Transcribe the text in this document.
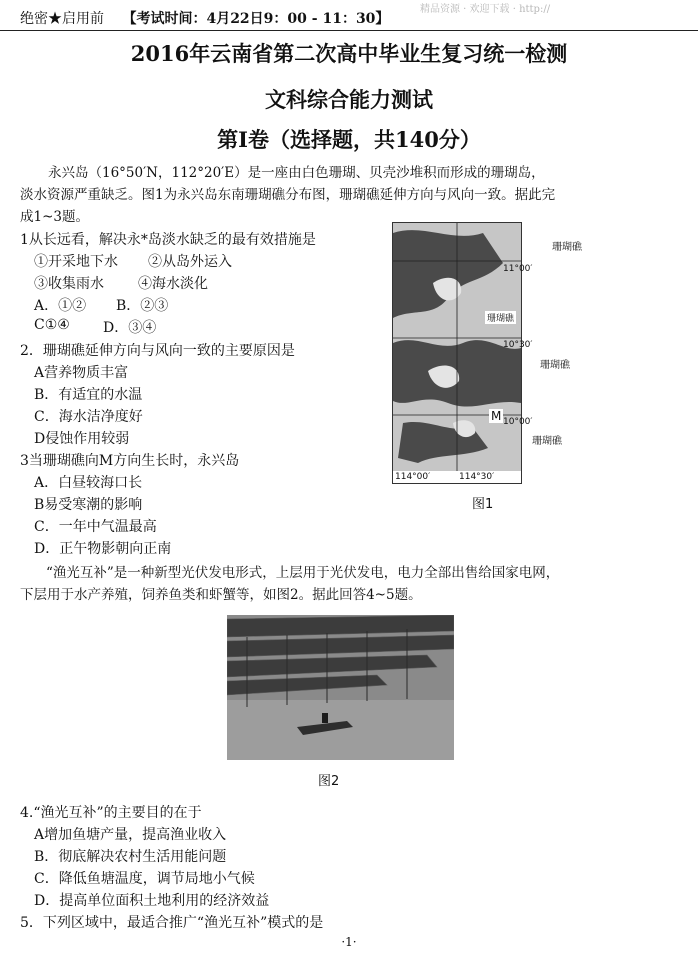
精品资源 · 欢迎下载 · http://
绝密★启用前 【考试时间：4月22日9：00 - 11：30】
2016年云南省第二次高中毕业生复习统一检测
文科综合能力测试
第Ⅰ卷（选择题，共140分）
永兴岛（16°50′N，112°20′E）是一座由白色珊瑚、贝壳沙堆积而形成的珊瑚岛，
淡水资源严重缺乏。图1为永兴岛东南珊瑚礁分布图，珊瑚礁延伸方向与风向一致。据此完
成1~3题。
1从长远看，解决永*岛淡水缺乏的最有效措施是
①开采地下水 ②从岛外运入
③收集雨水 ④海水淡化
A．①② B．②③
C①④ D．③④
2．珊瑚礁延伸方向与风向一致的主要原因是
A营养物质丰富
B．有适宜的水温
C．海水洁净度好
D侵蚀作用较弱
3当珊瑚礁向M方向生长时，永兴岛
A．白昼较海口长
B易受寒潮的影响
C．一年中气温最高
D．正午物影朝向正南
珊瑚礁
11°00′
10°30′
10°00′
114°00′	114°30′
M
珊瑚礁
珊瑚礁
珊瑚礁
图1
“渔光互补”是一种新型光伏发电形式，上层用于光伏发电，电力全部出售给国家电网，
下层用于水产养殖，饲养鱼类和虾蟹等，如图2。据此回答4~5题。
图2
4.“渔光互补”的主要目的在于
A增加鱼塘产量，提高渔业收入
B．彻底解决农村生活用能问题
C．降低鱼塘温度，调节局地小气候
D．提高单位面积土地利用的经济效益
5．下列区域中，最适合推广“渔光互补”模式的是
·1·
